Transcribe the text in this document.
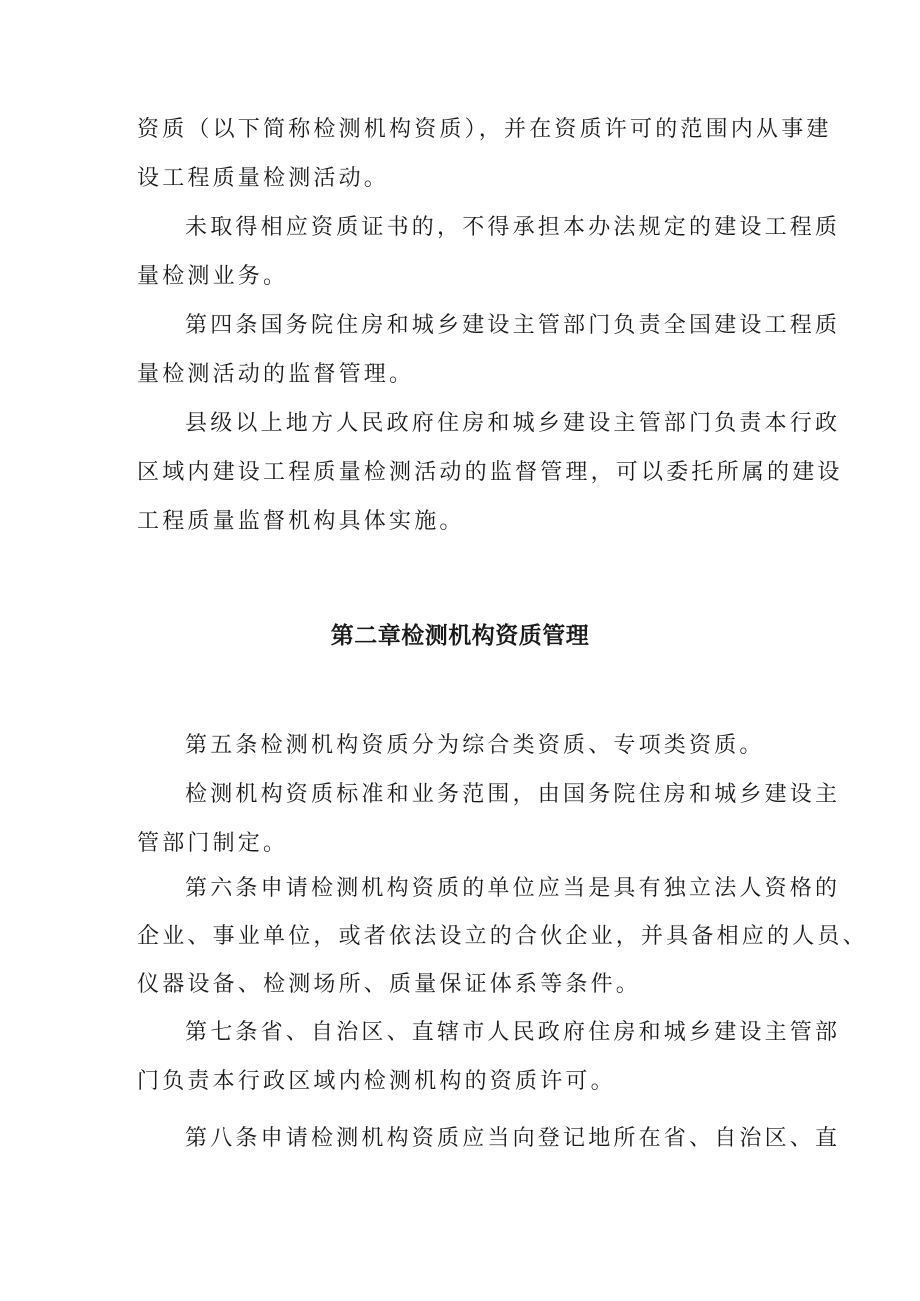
资质（以下简称检测机构资质），并在资质许可的范围内从事建
设工程质量检测活动。
未取得相应资质证书的，不得承担本办法规定的建设工程质
量检测业务。
第四条国务院住房和城乡建设主管部门负责全国建设工程质
量检测活动的监督管理。
县级以上地方人民政府住房和城乡建设主管部门负责本行政
区域内建设工程质量检测活动的监督管理，可以委托所属的建设
工程质量监督机构具体实施。
第二章检测机构资质管理
第五条检测机构资质分为综合类资质、专项类资质。
检测机构资质标准和业务范围，由国务院住房和城乡建设主
管部门制定。
第六条申请检测机构资质的单位应当是具有独立法人资格的
企业、事业单位，或者依法设立的合伙企业，并具备相应的人员、
仪器设备、检测场所、质量保证体系等条件。
第七条省、自治区、直辖市人民政府住房和城乡建设主管部
门负责本行政区域内检测机构的资质许可。
第八条申请检测机构资质应当向登记地所在省、自治区、直
